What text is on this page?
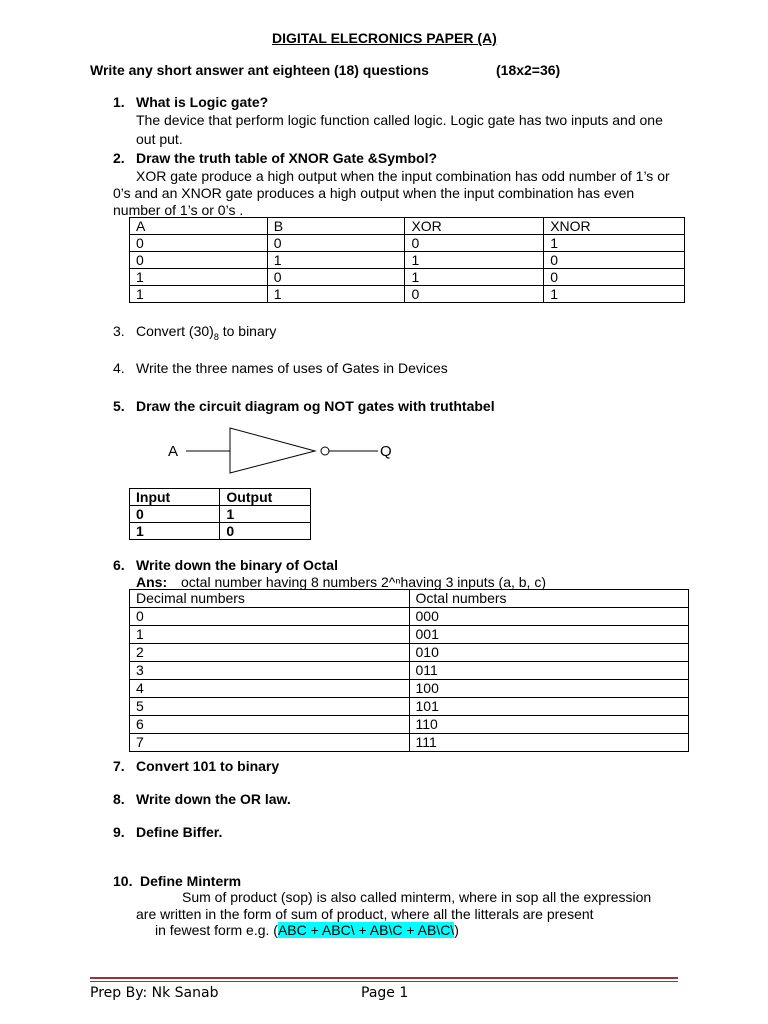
DIGITAL ELECRONICS PAPER (A)
Write any short answer ant eighteen (18) questions	(18x2=36)
1. What is Logic gate?
The device that perform logic function called logic. Logic gate has two inputs and one
out put.
2. Draw the truth table of XNOR Gate &Symbol?
XOR gate produce a high output when the input combination has odd number of 1’s or
0’s and an XNOR gate produces a high output when the input combination has even
number of 1’s or 0’s .
A	B	XOR	XNOR
0	0	0	1
0	1	1	0
1	0	1	0
1	1	0	1
3. Convert $(30)_8$ to binary
4. Write the three names of uses of Gates in Devices
5. Draw the circuit diagram og NOT gates with truthtabel
A	Q
Input	Output
0	1
1	0
6. Write down the binary of Octal
Ans: octal number having 8 numbers 2^ⁿhaving 3 inputs (a, b, c)
Decimal numbers	Octal numbers
0	000
1	001
2	010
3	011
4	100
5	101
6	110
7	111
7. Convert 101 to binary
8. Write down the OR law.
9. Define Biffer.
10. Define Minterm
Sum of product (sop) is also called minterm, where in sop all the expression
are written in the form of sum of product, where all the litterals are present
in fewest form e.g. (ABC + ABC\ + AB\C + AB\C\)
Prep By: Nk Sanab	Page 1
